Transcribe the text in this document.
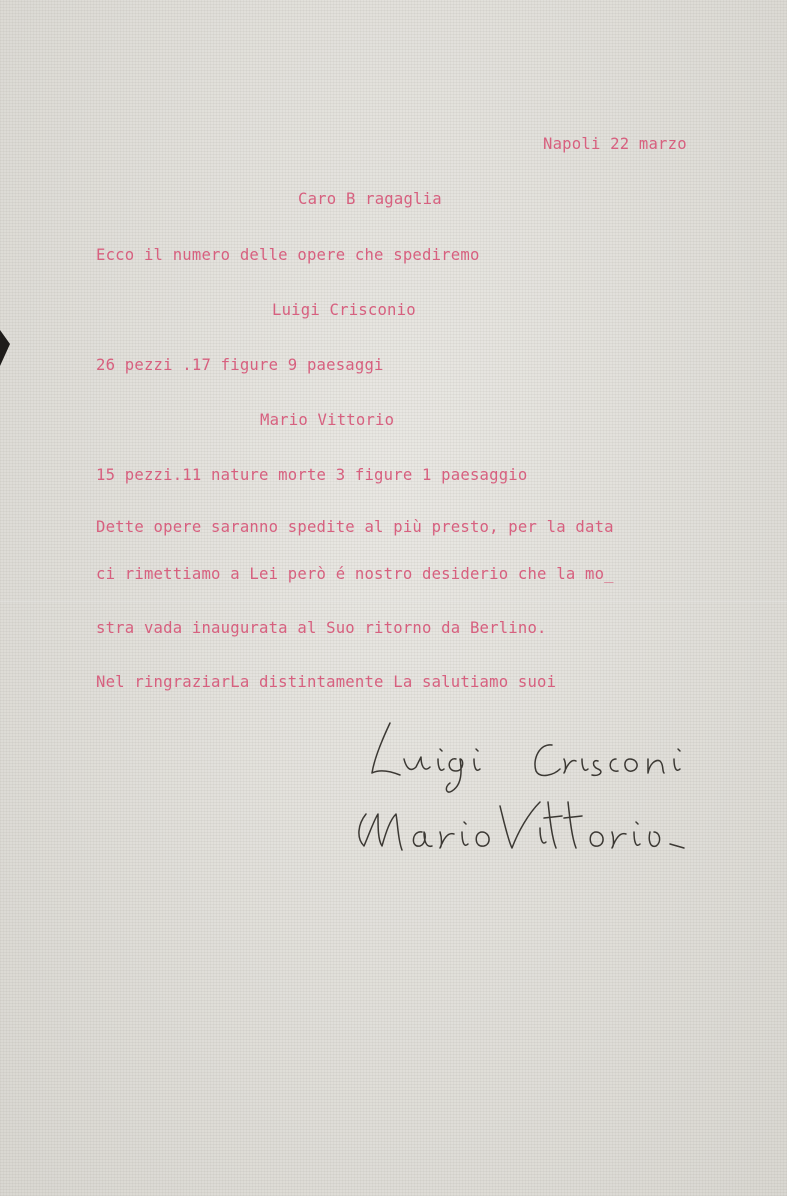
Napoli 22 marzo

Caro B ragaglia

Ecco il numero delle opere che spediremo

Luigi Crisconio

26 pezzi .17 figure 9 paesaggi

Mario Vittorio

15 pezzi.11 nature morte 3 figure 1 paesaggio

Dette opere saranno spedite al più presto, per la data

ci rimettiamo a Lei però é nostro desiderio che la mo_

stra vada inaugurata al Suo ritorno da Berlino.

Nel ringraziarLa distintamente La salutiamo suoi
